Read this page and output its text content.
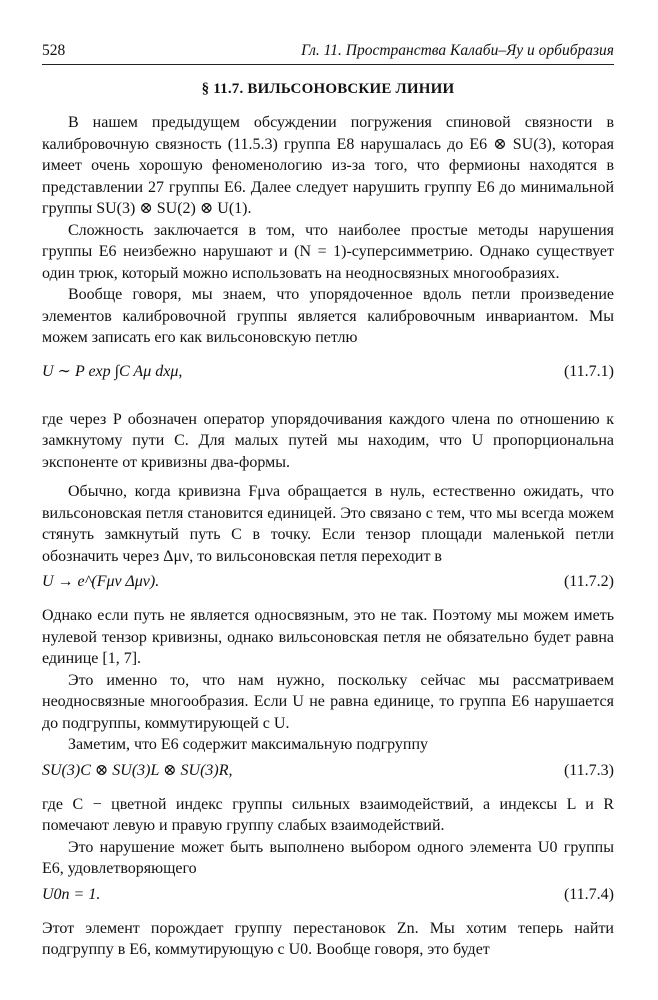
528	Гл. 11. Пространства Калаби–Яу и орбибразия
§ 11.7. ВИЛЬСОНОВСКИЕ ЛИНИИ

В нашем предыдущем обсуждении погружения спиновой связности в калибровочную связность (11.5.3) группа E8 нарушалась до E6 ⊗ SU(3), которая имеет очень хорошую феноменологию из-за того, что фермионы находятся в представлении 27 группы E6. Далее следует нарушить группу E6 до минимальной группы SU(3) ⊗ SU(2) ⊗ U(1).

Сложность заключается в том, что наиболее простые методы нарушения группы E6 неизбежно нарушают и (N = 1)-суперсимметрию. Однако существует один трюк, который можно использовать на неодносвязных многообразиях.

Вообще говоря, мы знаем, что упорядоченное вдоль петли произведение элементов калибровочной группы является калибровочным инвариантом. Мы можем записать его как вильсоновскую петлю

U ∼ P exp ∫C Aμ dxμ,	(11.7.1)

где через P обозначен оператор упорядочивания каждого члена по отношению к замкнутому пути C. Для малых путей мы находим, что U пропорциональна экспоненте от кривизны два-формы.

Обычно, когда кривизна Fμνa обращается в нуль, естественно ожидать, что вильсоновская петля становится единицей. Это связано с тем, что мы всегда можем стянуть замкнутый путь C в точку. Если тензор площади маленькой петли обозначить через Δμν, то вильсоновская петля переходит в

U → e^(Fμν Δμν).	(11.7.2)

Однако если путь не является односвязным, это не так. Поэтому мы можем иметь нулевой тензор кривизны, однако вильсоновская петля не обязательно будет равна единице [1, 7].

Это именно то, что нам нужно, поскольку сейчас мы рассматриваем неодносвязные многообразия. Если U не равна единице, то группа E6 нарушается до подгруппы, коммутирующей с U.

Заметим, что E6 содержит максимальную подгруппу

SU(3)C ⊗ SU(3)L ⊗ SU(3)R,	(11.7.3)

где C − цветной индекс группы сильных взаимодействий, а индексы L и R помечают левую и правую группу слабых взаимодействий.

Это нарушение может быть выполнено выбором одного элемента U0 группы E6, удовлетворяющего

U0n = 1.	(11.7.4)

Этот элемент порождает группу перестановок Zn. Мы хотим теперь найти подгруппу в E6, коммутирующую с U0. Вообще говоря, это будет
